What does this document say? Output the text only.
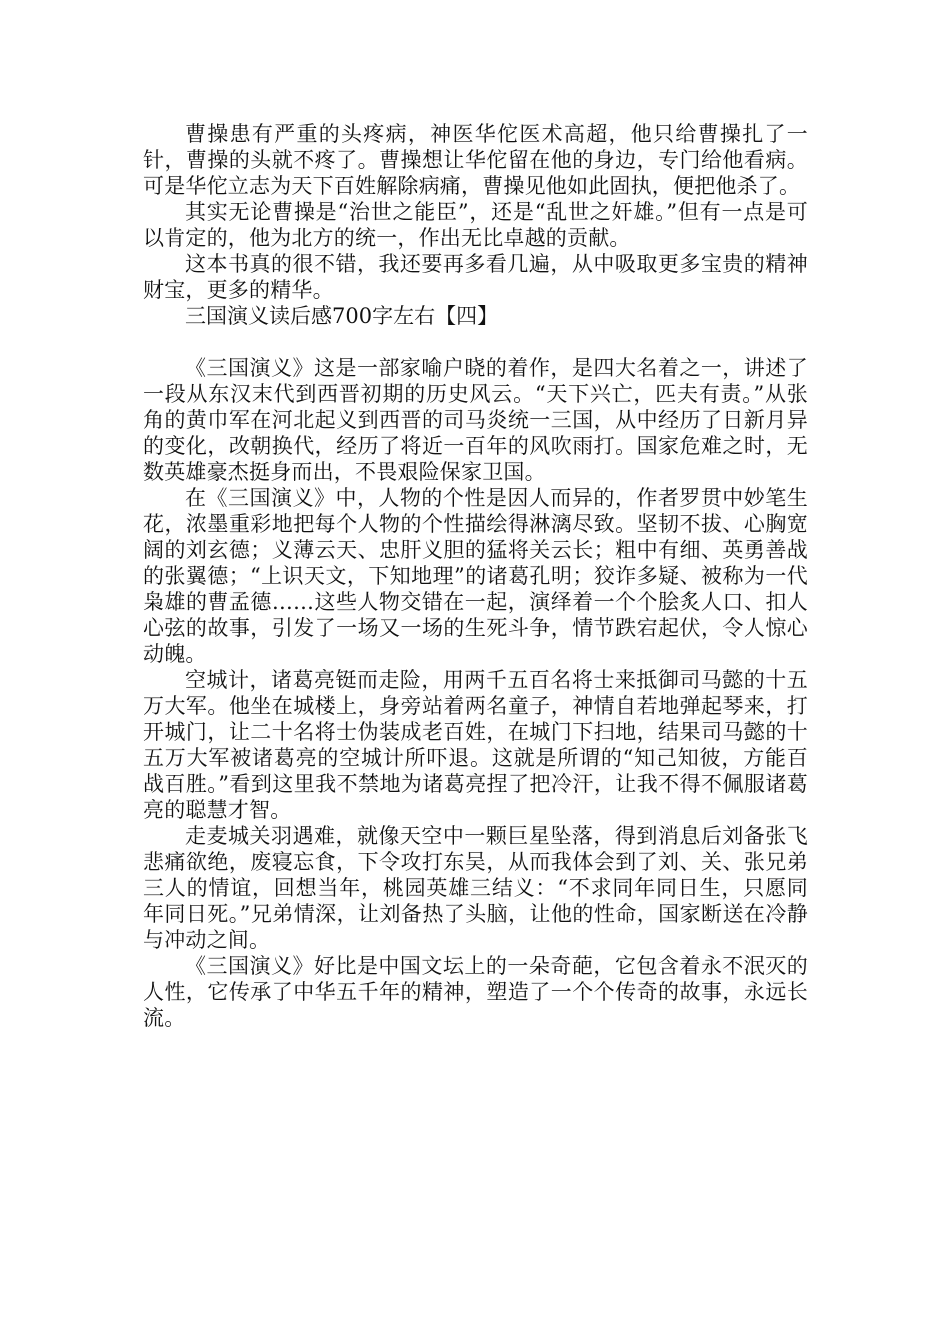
曹操患有严重的头疼病，神医华佗医术高超，他只给曹操扎了一针，曹操的头就不疼了。曹操想让华佗留在他的身边，专门给他看病。可是华佗立志为天下百姓解除病痛，曹操见他如此固执，便把他杀了。

其实无论曹操是“治世之能臣”，还是“乱世之奸雄。”但有一点是可以肯定的，他为北方的统一，作出无比卓越的贡献。

这本书真的很不错，我还要再多看几遍，从中吸取更多宝贵的精神财宝，更多的精华。

三国演义读后感700字左右【四】

《三国演义》这是一部家喻户晓的着作，是四大名着之一，讲述了一段从东汉末代到西晋初期的历史风云。“天下兴亡，匹夫有责。”从张角的黄巾军在河北起义到西晋的司马炎统一三国，从中经历了日新月异的变化，改朝换代，经历了将近一百年的风吹雨打。国家危难之时，无数英雄豪杰挺身而出，不畏艰险保家卫国。

在《三国演义》中，人物的个性是因人而异的，作者罗贯中妙笔生花，浓墨重彩地把每个人物的个性描绘得淋漓尽致。坚韧不拔、心胸宽阔的刘玄德；义薄云天、忠肝义胆的猛将关云长；粗中有细、英勇善战的张翼德；“上识天文，下知地理”的诸葛孔明；狡诈多疑、被称为一代枭雄的曹孟德……这些人物交错在一起，演绎着一个个脍炙人口、扣人心弦的故事，引发了一场又一场的生死斗争，情节跌宕起伏，令人惊心动魄。

空城计，诸葛亮铤而走险，用两千五百名将士来抵御司马懿的十五万大军。他坐在城楼上，身旁站着两名童子，神情自若地弹起琴来，打开城门，让二十名将士伪装成老百姓，在城门下扫地，结果司马懿的十五万大军被诸葛亮的空城计所吓退。这就是所谓的“知己知彼，方能百战百胜。”看到这里我不禁地为诸葛亮捏了把冷汗，让我不得不佩服诸葛亮的聪慧才智。

走麦城关羽遇难，就像天空中一颗巨星坠落，得到消息后刘备张飞悲痛欲绝，废寝忘食，下令攻打东吴，从而我体会到了刘、关、张兄弟三人的情谊，回想当年，桃园英雄三结义：“不求同年同日生，只愿同年同日死。”兄弟情深，让刘备热了头脑，让他的性命，国家断送在冷静与冲动之间。

《三国演义》好比是中国文坛上的一朵奇葩，它包含着永不泯灭的人性，它传承了中华五千年的精神，塑造了一个个传奇的故事，永远长流。
